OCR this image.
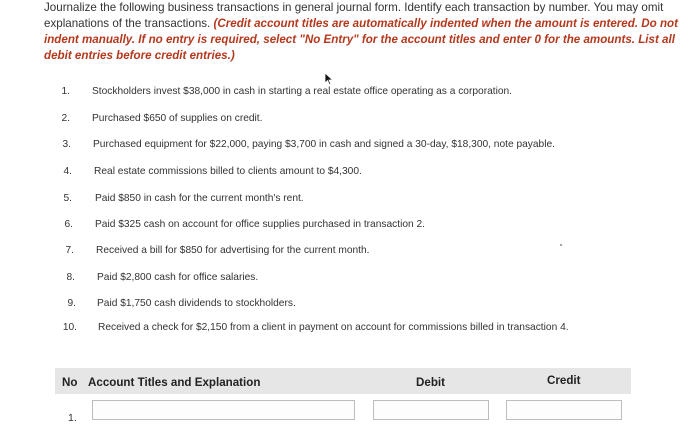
Journalize the following business transactions in general journal form. Identify each transaction by number. You may omit explanations of the transactions. (Credit account titles are automatically indented when the amount is entered. Do not indent manually. If no entry is required, select "No Entry" for the account titles and enter 0 for the amounts. List all debit entries before credit entries.)
1. Stockholders invest $38,000 in cash in starting a real estate office operating as a corporation.
2. Purchased $650 of supplies on credit.
3. Purchased equipment for $22,000, paying $3,700 in cash and signed a 30-day, $18,300, note payable.
4. Real estate commissions billed to clients amount to $4,300.
5. Paid $850 in cash for the current month's rent.
6. Paid $325 cash on account for office supplies purchased in transaction 2.
7. Received a bill for $850 for advertising for the current month.
8. Paid $2,800 cash for office salaries.
9. Paid $1,750 cash dividends to stockholders.
10. Received a check for $2,150 from a client in payment on account for commissions billed in transaction 4.
No Account Titles and Explanation	Debit	Credit
1.
